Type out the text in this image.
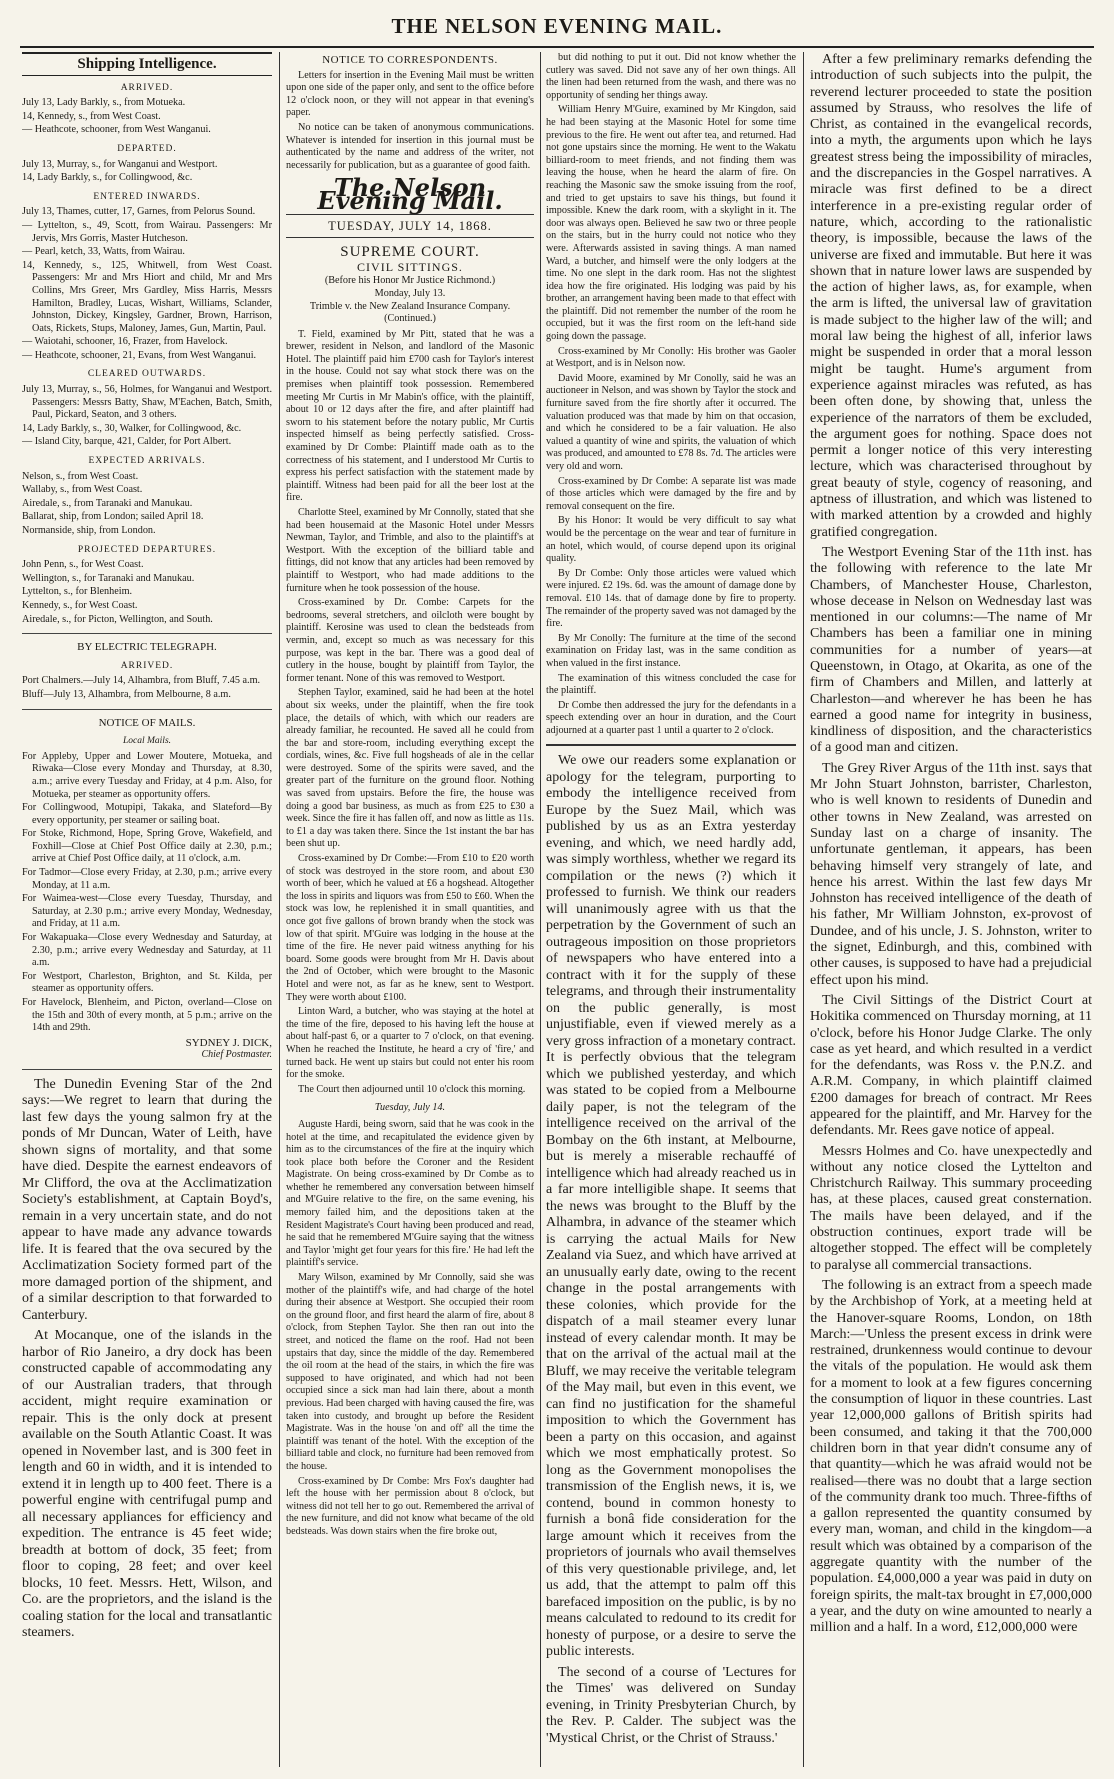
THE NELSON EVENING MAIL.
Shipping Intelligence.
ARRIVED.
July 13, Lady Barkly, s., from Motueka.
14, Kennedy, s., from West Coast.
— Heathcote, schooner, from West Wanganui.
DEPARTED.
July 13, Murray, s., for Wanganui and Westport.
14, Lady Barkly, s., for Collingwood, &c.
ENTERED INWARDS.
July 13, Thames, cutter, 17, Garnes, from Pelorus Sound.
— Lyttelton, s., 49, Scott, from Wairau. Passengers: Mr Jervis, Mrs Gorris, Master Hutcheson.
— Pearl, ketch, 33, Watts, from Wairau.
14, Kennedy, s., 125, Whitwell, from West Coast. Passengers: Mr and Mrs Hiort and child, Mr and Mrs Collins, Mrs Greer, Mrs Gardley, Miss Harris, Messrs Hamilton, Bradley, Lucas, Wishart, Williams, Sclander, Johnston, Dickey, Kingsley, Gardner, Brown, Harrison, Oats, Rickets, Stups, Maloney, James, Gun, Martin, Paul.
— Waiotahi, schooner, 16, Frazer, from Havelock.
— Heathcote, schooner, 21, Evans, from West Wanganui.
CLEARED OUTWARDS.
July 13, Murray, s., 56, Holmes, for Wanganui and Westport. Passengers: Messrs Batty, Shaw, M'Eachen, Batch, Smith, Paul, Pickard, Seaton, and 3 others.
14, Lady Barkly, s., 30, Walker, for Collingwood, &c.
— Island City, barque, 421, Calder, for Port Albert.
EXPECTED ARRIVALS.
Nelson, s., from West Coast.
Wallaby, s., from West Coast.
Airedale, s., from Taranaki and Manukau.
Ballarat, ship, from London; sailed April 18.
Normanside, ship, from London.
PROJECTED DEPARTURES.
John Penn, s., for West Coast.
Wellington, s., for Taranaki and Manukau.
Lyttelton, s., for Blenheim.
Kennedy, s., for West Coast.
Airedale, s., for Picton, Wellington, and South.
BY ELECTRIC TELEGRAPH.
ARRIVED.
Port Chalmers.—July 14, Alhambra, from Bluff, 7.45 a.m.
Bluff—July 13, Alhambra, from Melbourne, 8 a.m.
NOTICE OF MAILS.
Local Mails.
For Appleby, Upper and Lower Moutere, Motueka, and Riwaka—Close every Monday and Thursday, at 8.30, a.m.; arrive every Tuesday and Friday, at 4 p.m. Also, for Motueka, per steamer as opportunity offers.
For Collingwood, Motupipi, Takaka, and Slateford—By every opportunity, per steamer or sailing boat.
For Stoke, Richmond, Hope, Spring Grove, Wakefield, and Foxhill—Close at Chief Post Office daily at 2.30, p.m.; arrive at Chief Post Office daily, at 11 o'clock, a.m.
For Tadmor—Close every Friday, at 2.30, p.m.; arrive every Monday, at 11 a.m.
For Waimea-west—Close every Tuesday, Thursday, and Saturday, at 2.30 p.m.; arrive every Monday, Wednesday, and Friday, at 11 a.m.
For Wakapuaka—Close every Wednesday and Saturday, at 2.30, p.m.; arrive every Wednesday and Saturday, at 11 a.m.
For Westport, Charleston, Brighton, and St. Kilda, per steamer as opportunity offers.
For Havelock, Blenheim, and Picton, overland—Close on the 15th and 30th of every month, at 5 p.m.; arrive on the 14th and 29th.
SYDNEY J. DICK,
Chief Postmaster.

The Dunedin Evening Star of the 2nd says:—We regret to learn that during the last few days the young salmon fry at the ponds of Mr Duncan, Water of Leith, have shown signs of mortality, and that some have died. Despite the earnest endeavors of Mr Clifford, the ova at the Acclimatization Society's establishment, at Captain Boyd's, remain in a very uncertain state, and do not appear to have made any advance towards life. It is feared that the ova secured by the Acclimatization Society formed part of the more damaged portion of the shipment, and of a similar description to that forwarded to Canterbury.

At Mocanque, one of the islands in the harbor of Rio Janeiro, a dry dock has been constructed capable of accommodating any of our Australian traders, that through accident, might require examination or repair. This is the only dock at present available on the South Atlantic Coast. It was opened in November last, and is 300 feet in length and 60 in width, and it is intended to extend it in length up to 400 feet. There is a powerful engine with centrifugal pump and all necessary appliances for efficiency and expedition. The entrance is 45 feet wide; breadth at bottom of dock, 35 feet; from floor to coping, 28 feet; and over keel blocks, 10 feet. Messrs. Hett, Wilson, and Co. are the proprietors, and the island is the coaling station for the local and transatlantic steamers.

NOTICE TO CORRESPONDENTS.

Letters for insertion in the Evening Mail must be written upon one side of the paper only, and sent to the office before 12 o'clock noon, or they will not appear in that evening's paper.

No notice can be taken of anonymous communications. Whatever is intended for insertion in this journal must be authenticated by the name and address of the writer, not necessarily for publication, but as a guarantee of good faith.

The Nelson Evening Mail.
TUESDAY, JULY 14, 1868.
SUPREME COURT.
CIVIL SITTINGS.
(Before his Honor Mr Justice Richmond.)
Monday, July 13.
Trimble v. the New Zealand Insurance Company.
(Continued.)

T. Field, examined by Mr Pitt, stated that he was a brewer, resident in Nelson, and landlord of the Masonic Hotel. The plaintiff paid him £700 cash for Taylor's interest in the house. Could not say what stock there was on the premises when plaintiff took possession. Remembered meeting Mr Curtis in Mr Mabin's office, with the plaintiff, about 10 or 12 days after the fire, and after plaintiff had sworn to his statement before the notary public, Mr Curtis inspected himself as being perfectly satisfied. Cross-examined by Dr Combe: Plaintiff made oath as to the correctness of his statement, and I understood Mr Curtis to express his perfect satisfaction with the statement made by plaintiff. Witness had been paid for all the beer lost at the fire.

Charlotte Steel, examined by Mr Connolly, stated that she had been housemaid at the Masonic Hotel under Messrs Newman, Taylor, and Trimble, and also to the plaintiff's at Westport. With the exception of the billiard table and fittings, did not know that any articles had been removed by plaintiff to Westport, who had made additions to the furniture when he took possession of the house.

Cross-examined by Dr. Combe: Carpets for the bedrooms, several stretchers, and oilcloth were bought by plaintiff. Kerosine was used to clean the bedsteads from vermin, and, except so much as was necessary for this purpose, was kept in the bar. There was a good deal of cutlery in the house, bought by plaintiff from Taylor, the former tenant. None of this was removed to Westport.

Stephen Taylor, examined, said he had been at the hotel about six weeks, under the plaintiff, when the fire took place, the details of which, with which our readers are already familiar, he recounted. He saved all he could from the bar and store-room, including everything except the cordials, wines, &c. Five full hogsheads of ale in the cellar were destroyed. Some of the spirits were saved, and the greater part of the furniture on the ground floor. Nothing was saved from upstairs. Before the fire, the house was doing a good bar business, as much as from £25 to £30 a week. Since the fire it has fallen off, and now as little as 11s. to £1 a day was taken there. Since the 1st instant the bar has been shut up.

Cross-examined by Dr Combe:—From £10 to £20 worth of stock was destroyed in the store room, and about £30 worth of beer, which he valued at £6 a hogshead. Altogether the loss in spirits and liquors was from £50 to £60. When the stock was low, he replenished it in small quantities, and once got five gallons of brown brandy when the stock was low of that spirit. M'Guire was lodging in the house at the time of the fire. He never paid witness anything for his board. Some goods were brought from Mr H. Davis about the 2nd of October, which were brought to the Masonic Hotel and were not, as far as he knew, sent to Westport. They were worth about £100.

Linton Ward, a butcher, who was staying at the hotel at the time of the fire, deposed to his having left the house at about half-past 6, or a quarter to 7 o'clock, on that evening. When he reached the Institute, he heard a cry of 'fire,' and turned back. He went up stairs but could not enter his room for the smoke.

The Court then adjourned until 10 o'clock this morning.

Tuesday, July 14.

Auguste Hardi, being sworn, said that he was cook in the hotel at the time, and recapitulated the evidence given by him as to the circumstances of the fire at the inquiry which took place both before the Coroner and the Resident Magistrate. On being cross-examined by Dr Combe as to whether he remembered any conversation between himself and M'Guire relative to the fire, on the same evening, his memory failed him, and the depositions taken at the Resident Magistrate's Court having been produced and read, he said that he remembered M'Guire saying that the witness and Taylor 'might get four years for this fire.' He had left the plaintiff's service.

Mary Wilson, examined by Mr Connolly, said she was mother of the plaintiff's wife, and had charge of the hotel during their absence at Westport. She occupied their room on the ground floor, and first heard the alarm of fire, about 8 o'clock, from Stephen Taylor. She then ran out into the street, and noticed the flame on the roof. Had not been upstairs that day, since the middle of the day. Remembered the oil room at the head of the stairs, in which the fire was supposed to have originated, and which had not been occupied since a sick man had lain there, about a month previous. Had been charged with having caused the fire, was taken into custody, and brought up before the Resident Magistrate. Was in the house 'on and off' all the time the plaintiff was tenant of the hotel. With the exception of the billiard table and clock, no furniture had been removed from the house.

Cross-examined by Dr Combe: Mrs Fox's daughter had left the house with her permission about 8 o'clock, but witness did not tell her to go out. Remembered the arrival of the new furniture, and did not know what became of the old bedsteads. Was down stairs when the fire broke out,

but did nothing to put it out. Did not know whether the cutlery was saved. Did not save any of her own things. All the linen had been returned from the wash, and there was no opportunity of sending her things away.

William Henry M'Guire, examined by Mr Kingdon, said he had been staying at the Masonic Hotel for some time previous to the fire. He went out after tea, and returned. Had not gone upstairs since the morning. He went to the Wakatu billiard-room to meet friends, and not finding them was leaving the house, when he heard the alarm of fire. On reaching the Masonic saw the smoke issuing from the roof, and tried to get upstairs to save his things, but found it impossible. Knew the dark room, with a skylight in it. The door was always open. Believed he saw two or three people on the stairs, but in the hurry could not notice who they were. Afterwards assisted in saving things. A man named Ward, a butcher, and himself were the only lodgers at the time. No one slept in the dark room. Has not the slightest idea how the fire originated. His lodging was paid by his brother, an arrangement having been made to that effect with the plaintiff. Did not remember the number of the room he occupied, but it was the first room on the left-hand side going down the passage.

Cross-examined by Mr Conolly: His brother was Gaoler at Westport, and is in Nelson now.

David Moore, examined by Mr Conolly, said he was an auctioneer in Nelson, and was shown by Taylor the stock and furniture saved from the fire shortly after it occurred. The valuation produced was that made by him on that occasion, and which he considered to be a fair valuation. He also valued a quantity of wine and spirits, the valuation of which was produced, and amounted to £78 8s. 7d. The articles were very old and worn.

Cross-examined by Dr Combe: A separate list was made of those articles which were damaged by the fire and by removal consequent on the fire.

By his Honor: It would be very difficult to say what would be the percentage on the wear and tear of furniture in an hotel, which would, of course depend upon its original quality.

By Dr Combe: Only those articles were valued which were injured. £2 19s. 6d. was the amount of damage done by removal. £10 14s. that of damage done by fire to property. The remainder of the property saved was not damaged by the fire.

By Mr Conolly: The furniture at the time of the second examination on Friday last, was in the same condition as when valued in the first instance.

The examination of this witness concluded the case for the plaintiff.

Dr Combe then addressed the jury for the defendants in a speech extending over an hour in duration, and the Court adjourned at a quarter past 1 until a quarter to 2 o'clock.

We owe our readers some explanation or apology for the telegram, purporting to embody the intelligence received from Europe by the Suez Mail, which was published by us as an Extra yesterday evening, and which, we need hardly add, was simply worthless, whether we regard its compilation or the news (?) which it professed to furnish. We think our readers will unanimously agree with us that the perpetration by the Government of such an outrageous imposition on those proprietors of newspapers who have entered into a contract with it for the supply of these telegrams, and through their instrumentality on the public generally, is most unjustifiable, even if viewed merely as a very gross infraction of a monetary contract. It is perfectly obvious that the telegram which we published yesterday, and which was stated to be copied from a Melbourne daily paper, is not the telegram of the intelligence received on the arrival of the Bombay on the 6th instant, at Melbourne, but is merely a miserable rechauffé of intelligence which had already reached us in a far more intelligible shape. It seems that the news was brought to the Bluff by the Alhambra, in advance of the steamer which is carrying the actual Mails for New Zealand via Suez, and which have arrived at an unusually early date, owing to the recent change in the postal arrangements with these colonies, which provide for the dispatch of a mail steamer every lunar instead of every calendar month. It may be that on the arrival of the actual mail at the Bluff, we may receive the veritable telegram of the May mail, but even in this event, we can find no justification for the shameful imposition to which the Government has been a party on this occasion, and against which we most emphatically protest. So long as the Government monopolises the transmission of the English news, it is, we contend, bound in common honesty to furnish a bonâ fide consideration for the large amount which it receives from the proprietors of journals who avail themselves of this very questionable privilege, and, let us add, that the attempt to palm off this barefaced imposition on the public, is by no means calculated to redound to its credit for honesty of purpose, or a desire to serve the public interests.

The second of a course of 'Lectures for the Times' was delivered on Sunday evening, in Trinity Presbyterian Church, by the Rev. P. Calder. The subject was the 'Mystical Christ, or the Christ of Strauss.'

After a few preliminary remarks defending the introduction of such subjects into the pulpit, the reverend lecturer proceeded to state the position assumed by Strauss, who resolves the life of Christ, as contained in the evangelical records, into a myth, the arguments upon which he lays greatest stress being the impossibility of miracles, and the discrepancies in the Gospel narratives. A miracle was first defined to be a direct interference in a pre-existing regular order of nature, which, according to the rationalistic theory, is impossible, because the laws of the universe are fixed and immutable. But here it was shown that in nature lower laws are suspended by the action of higher laws, as, for example, when the arm is lifted, the universal law of gravitation is made subject to the higher law of the will; and moral law being the highest of all, inferior laws might be suspended in order that a moral lesson might be taught. Hume's argument from experience against miracles was refuted, as has been often done, by showing that, unless the experience of the narrators of them be excluded, the argument goes for nothing. Space does not permit a longer notice of this very interesting lecture, which was characterised throughout by great beauty of style, cogency of reasoning, and aptness of illustration, and which was listened to with marked attention by a crowded and highly gratified congregation.

The Westport Evening Star of the 11th inst. has the following with reference to the late Mr Chambers, of Manchester House, Charleston, whose decease in Nelson on Wednesday last was mentioned in our columns:—The name of Mr Chambers has been a familiar one in mining communities for a number of years—at Queenstown, in Otago, at Okarita, as one of the firm of Chambers and Millen, and latterly at Charleston—and wherever he has been he has earned a good name for integrity in business, kindliness of disposition, and the characteristics of a good man and citizen.

The Grey River Argus of the 11th inst. says that Mr John Stuart Johnston, barrister, Charleston, who is well known to residents of Dunedin and other towns in New Zealand, was arrested on Sunday last on a charge of insanity. The unfortunate gentleman, it appears, has been behaving himself very strangely of late, and hence his arrest. Within the last few days Mr Johnston has received intelligence of the death of his father, Mr William Johnston, ex-provost of Dundee, and of his uncle, J. S. Johnston, writer to the signet, Edinburgh, and this, combined with other causes, is supposed to have had a prejudicial effect upon his mind.

The Civil Sittings of the District Court at Hokitika commenced on Thursday morning, at 11 o'clock, before his Honor Judge Clarke. The only case as yet heard, and which resulted in a verdict for the defendants, was Ross v. the P.N.Z. and A.R.M. Company, in which plaintiff claimed £200 damages for breach of contract. Mr Rees appeared for the plaintiff, and Mr. Harvey for the defendants. Mr. Rees gave notice of appeal.

Messrs Holmes and Co. have unexpectedly and without any notice closed the Lyttelton and Christchurch Railway. This summary proceeding has, at these places, caused great consternation. The mails have been delayed, and if the obstruction continues, export trade will be altogether stopped. The effect will be completely to paralyse all commercial transactions.

The following is an extract from a speech made by the Archbishop of York, at a meeting held at the Hanover-square Rooms, London, on 18th March:—'Unless the present excess in drink were restrained, drunkenness would continue to devour the vitals of the population. He would ask them for a moment to look at a few figures concerning the consumption of liquor in these countries. Last year 12,000,000 gallons of British spirits had been consumed, and taking it that the 700,000 children born in that year didn't consume any of that quantity—which he was afraid would not be realised—there was no doubt that a large section of the community drank too much. Three-fifths of a gallon represented the quantity consumed by every man, woman, and child in the kingdom—a result which was obtained by a comparison of the aggregate quantity with the number of the population. £4,000,000 a year was paid in duty on foreign spirits, the malt-tax brought in £7,000,000 a year, and the duty on wine amounted to nearly a million and a half. In a word, £12,000,000 were
